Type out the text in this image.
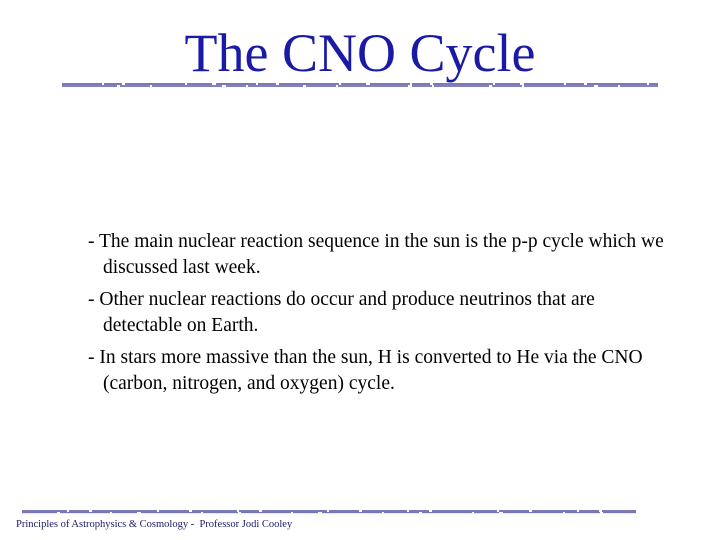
The CNO Cycle
- The main nuclear reaction sequence in the sun is the p-p cycle which we discussed last week.
- Other nuclear reactions do occur and produce neutrinos that are detectable on Earth.
- In stars more massive than the sun, H is converted to He via the CNO (carbon, nitrogen, and oxygen) cycle.
Principles of Astrophysics & Cosmology -  Professor Jodi Cooley
